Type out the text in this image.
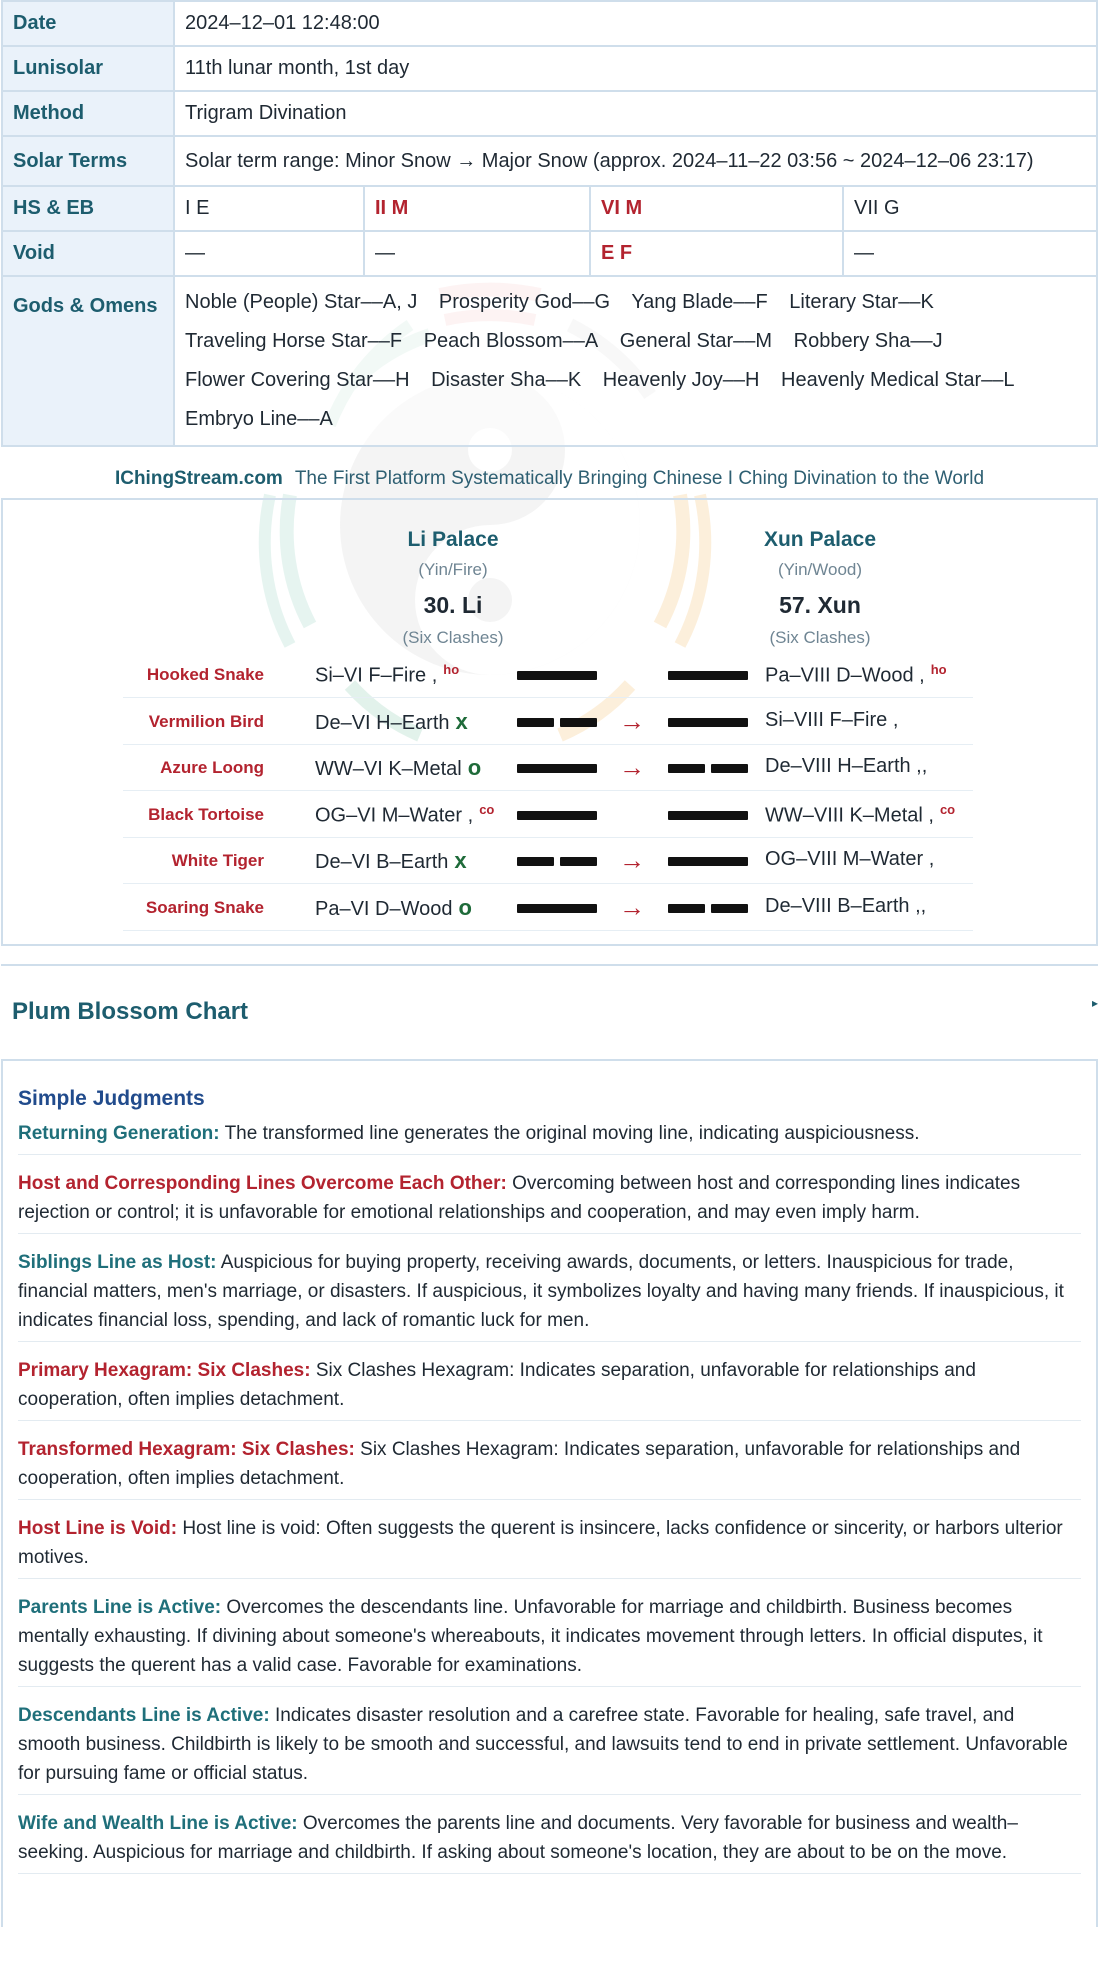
Date	2024–12–01 12:48:00			
Lunisolar	11th lunar month, 1st day			
Method	Trigram Divination			
Solar Terms	Solar term range: Minor Snow → Major Snow (approx. 2024–11–22 03:56 ~ 2024–12–06 23:17)			
HS & EB	I E	II M	VI M	VII G
Void	—	—	E F	—
Gods & Omens	Noble (People) Star––A, J Prosperity God––G Yang Blade––F Literary Star––K
Traveling Horse Star––F Peach Blossom––A General Star––M Robbery Sha––J
Flower Covering Star––H Disaster Sha––K Heavenly Joy––H Heavenly Medical Star––L
Embryo Line––A			
IChingStream.com The First Platform Systematically Bringing Chinese I Ching Divination to the World
Li Palace
(Yin/Fire)
30. Li
(Six Clashes)
Xun Palace
(Yin/Wood)
57. Xun
(Six Clashes)
Hooked Snake	Si–VI F–Fire , $^{ho}$	Pa–VIII D–Wood , $^{ho}$
Vermilion Bird	De–VI H–Earth x	→	Si–VIII F–Fire ,
Azure Loong	WW–VI K–Metal o	→	De–VIII H–Earth ,,
Black Tortoise	OG–VI M–Water , $^{co}$	WW–VIII K–Metal , $^{co}$
White Tiger	De–VI B–Earth x	→	OG–VIII M–Water ,
Soaring Snake	Pa–VI D–Wood o	→	De–VIII B–Earth ,,
Plum Blossom Chart	▸
Simple Judgments
Returning Generation: The transformed line generates the original moving line, indicating auspiciousness.
Host and Corresponding Lines Overcome Each Other: Overcoming between host and corresponding lines indicates rejection or control; it is unfavorable for emotional relationships and cooperation, and may even imply harm.
Siblings Line as Host: Auspicious for buying property, receiving awards, documents, or letters. Inauspicious for trade, financial matters, men's marriage, or disasters. If auspicious, it symbolizes loyalty and having many friends. If inauspicious, it indicates financial loss, spending, and lack of romantic luck for men.
Primary Hexagram: Six Clashes: Six Clashes Hexagram: Indicates separation, unfavorable for relationships and cooperation, often implies detachment.
Transformed Hexagram: Six Clashes: Six Clashes Hexagram: Indicates separation, unfavorable for relationships and cooperation, often implies detachment.
Host Line is Void: Host line is void: Often suggests the querent is insincere, lacks confidence or sincerity, or harbors ulterior motives.
Parents Line is Active: Overcomes the descendants line. Unfavorable for marriage and childbirth. Business becomes mentally exhausting. If divining about someone's whereabouts, it indicates movement through letters. In official disputes, it suggests the querent has a valid case. Favorable for examinations.
Descendants Line is Active: Indicates disaster resolution and a carefree state. Favorable for healing, safe travel, and smooth business. Childbirth is likely to be smooth and successful, and lawsuits tend to end in private settlement. Unfavorable for pursuing fame or official status.
Wife and Wealth Line is Active: Overcomes the parents line and documents. Very favorable for business and wealth–seeking. Auspicious for marriage and childbirth. If asking about someone's location, they are about to be on the move.
